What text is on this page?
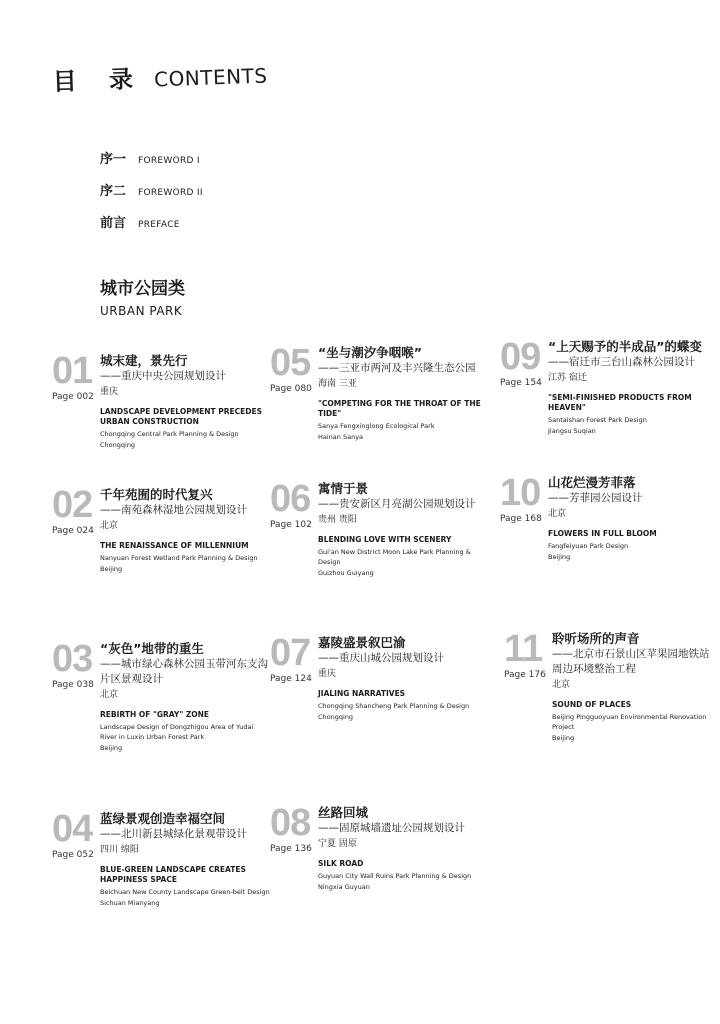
目 录 CONTENTS
序一	FOREWORD I
序二	FOREWORD II
前言	PREFACE
城市公园类
URBAN PARK
01
Page 002
城末建，景先行
——重庆中央公园规划设计
重庆
LANDSCAPE DEVELOPMENT PRECEDES URBAN CONSTRUCTION
Chongqing Central Park Planning & Design
Chongqing
02
Page 024
千年苑囿的时代复兴
——南苑森林湿地公园规划设计
北京
THE RENAISSANCE OF MILLENNIUM
Nanyuan Forest Wetland Park Planning & Design
Beijing
03
Page 038
“灰色”地带的重生
——城市绿心森林公园玉带河东支沟片区景观设计
北京
REBIRTH OF "GRAY" ZONE
Landscape Design of Dongzhigou Area of Yudai River in Luxin Urban Forest Park
Beijing
04
Page 052
蓝绿景观创造幸福空间
——北川新县城绿化景观带设计
四川 绵阳
BLUE-GREEN LANDSCAPE CREATES HAPPINESS SPACE
Beichuan New County Landscape Green-belt Design
Sichuan Mianyang
05
Page 080
“坐与潮汐争咽喉”
——三亚市两河及丰兴隆生态公园
海南 三亚
"COMPETING FOR THE THROAT OF THE TIDE"
Sanya Fengxinglong Ecological Park
Hainan Sanya
06
Page 102
寓情于景
——贵安新区月亮湖公园规划设计
贵州 贵阳
BLENDING LOVE WITH SCENERY
Gui'an New District Moon Lake Park Planning & Design
Guizhou Guiyang
07
Page 124
嘉陵盛景叙巴渝
——重庆山城公园规划设计
重庆
JIALING NARRATIVES
Chongqing Shancheng Park Planning & Design
Chongqing
08
Page 136
丝路回城
——固原城墙遗址公园规划设计
宁夏 固原
SILK ROAD
Guyuan City Wall Ruins Park Planning & Design
Ningxia Guyuan
09
Page 154
“上天赐予的半成品”的蝶变
——宿迁市三台山森林公园设计
江苏 宿迁
"SEMI-FINISHED PRODUCTS FROM HEAVEN"
Santaishan Forest Park Design
Jiangsu Suqian
10
Page 168
山花烂漫芳菲落
——芳菲园公园设计
北京
FLOWERS IN FULL BLOOM
Fangfeiyuan Park Design
Beijing
11
Page 176
聆听场所的声音
——北京市石景山区苹果园地铁站周边环境整治工程
北京
SOUND OF PLACES
Beijing Pingguoyuan Environmental Renovation Project
Beijing
